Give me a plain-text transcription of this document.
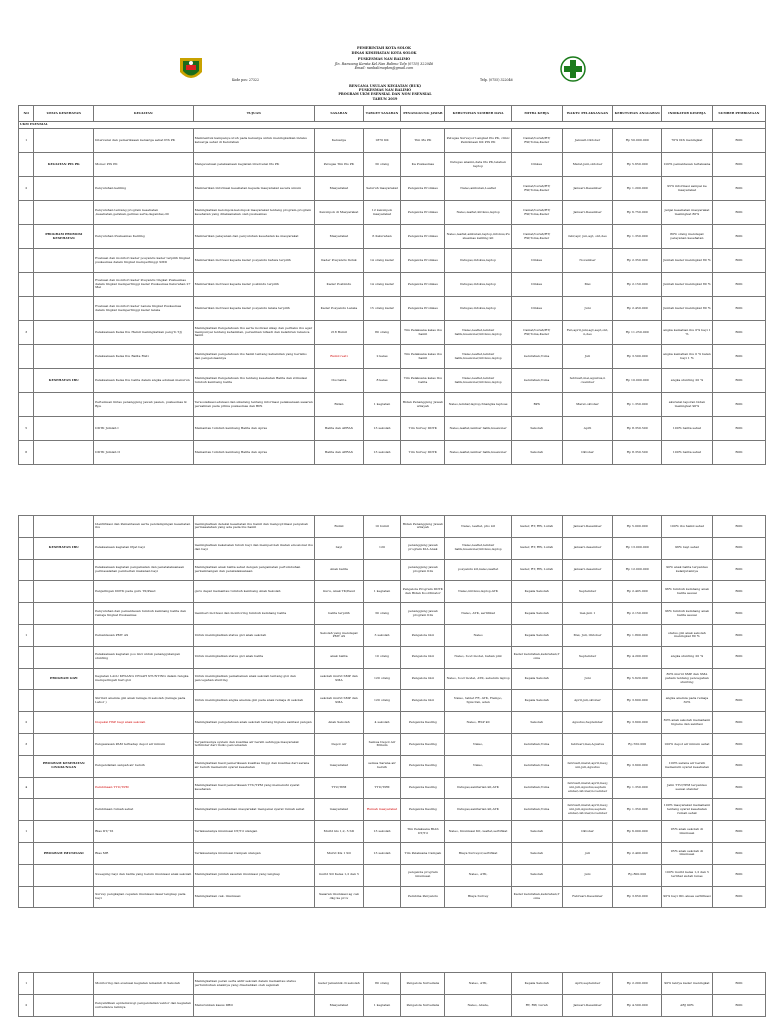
PEMERINTAH KOTA SOLOK
DINAS KESEHATAN KOTA SOLOK
PUSKESMAS NAN BALIMO
Jln. Ramoang Kerata Kel.Nan Balimo Telp (0755) 322046
Email: nanbalimopkm@gmail.com
Kode pos: 27322	Telp. (0755) 322046
RENCANA USULAN KEGIATAN (RUK)
PUSKESMAS NAN BALIMO
PROGRAM UKM ESENSIAL DAN NON ESENSIAL
TAHUN 2019
NO	UPAYA KESEHATAN	KEGIATAN	TUJUAN	SASARAN	TARGET SASARAN	PENANGGUNG JAWAB	KEBUTUHAN SUMBER DAYA	MITRA KERJA	WAKTU PELAKSANAAN	KEBUTUHAN ANGGARAN	INDIKATOR KINERJA	SUMBER PEMBIAYAAN
UKM ESENSIAL												
1		Intervensi dan pemeriksaan keluarga sehat PIS PK	Membentuk kampanye utuh pada keluarga untuk meningkatkan indeks keluarga sehat di Kelurahan	Keluarga	1870 KK	Tim Pis PK	Petugas Surveyor Langkat Pis PK, clinic Pembinaan KK PIS PK	Camat/Lurah/RT/ RW,Toma,Kader	Januari-Oktober	Rp 50.000.000	70% IKS meningkat	BOK
	KEGIATAN PIS PK	Monev PIS PK	Mengevaluasi pelaksanaan kegiatan intervensi Pis PK	Petugas Tim Pis PK	30 orang	Ka Puskesmas	Petugas anamn,data Pis PK,telahen laptop	Dinkes	Maret,juni,oktober	Rp 5.650.000	100% pemantauan terlaksana	BOK
2		Penyuluhan keliling	Memberikan informasi kesehatan kepada masyarakat secara umum	Masyarakat	Seluruh masyarakat	Pengelola Promkes	Naleo,ambulan,Leaflet	Camat/Lurah/RT/ RW,Toma,Kader	Januari-Desember	Rp 1.200.000	95% informasi sampai ke masyarakat	BOK
		Penyuluhan tentang program kesehatan ,kesehatan,gerakan,germas serta,degandas,dll	Meningkatkan kelompok-kelompok masyarakat tentang program-program kesehatan yang dilaksanakan oleh puskesmas	Kelompok di Masyarakat	12 kelompok masyarakat	Pengelola Promkes	Naleo,leaflet,infokus,laptop	Camat/Lurah/RT/ RW,Toma,Kader	Januari-Desember	Rp 6.750.000	Jenjai kesehatan masyarakat meningkat 80%	BOK
	PROGRAM PROMOSI KESEHATAN	Penyuluhan Puskesmas Keliling	Memberikan pelayanan dan penyuluhan kesehatan ke masyarakat	Masyarakat	6 Kelurahan	Pengelola Promkes	Naleo,leaflet,ambulan,laptop,infokus,Puskesmas keliling kit	Camat/Lurah/RT/ RW,Toma,Kader	febr,apr, jun,agt, okt,des	Rp 1.350.000	80% orang mendapat pelayanan kesehatan	BOK
		Evaluasi dan monitori kader posyandu kader terpilih tingkat puskesmas dalam tingkat mempertinggi SMD	Memberikan motivasi kepada kader posyandu bahwa terpilih	Kader Posyandu Induk	14 orang kader	Pengelola Promkes	Petugas,infokus,laptop	Dinkes	November	Rp 2.350.000	Jumlah kader meningkat 80 %	BOK
		Evaluasi dan monitori kader Posyandu tingkat Puskesmas dalam tingkat mempertinggi kader Puskesmas Kelurahan 27 Mei	Memberikan motivasi kepada kader posbindu terpilih	Kader Posbindu	14 orang kader	Pengelola Promkes	Petugas,infokus,laptop	Dinkes	Mei	Rp 2.150.000	Jumlah kader meningkat 80 %	BOK
		Evaluasi dan monitori kader Lansia tingkat Puskesmas dalam tingkat mempertinggi kader lansia	Memberikan motivasi kepada kader posyandu lansia terpilih	Kader Posyandu Lansia	15 orang kader	Pengelola Promkes	Petugas,infokus,laptop	Dinkes	Juni	Rp 2.450.000	Jumlah kader meningkat 80 %	BOK
3		Pelaksanaan Kelas Ibu Hamil meningkatkan peng'U.T.J)	Meningkatkan Pengetahuan Ibu serta motivasi sikap dan perilaku ibu agar mempunyai tentang kehamilan, persalinan nifasdi dan kelahiran rekanca hamil	218 Bumil	80 orang	Tim Pelaksana kelas ibu hamil	Naleo,leaflet,lembar balik,kuesioner,infokus,laptop	Camat/Lurah/RT/ RW,Toma,Kader	Feb,april,juni,agt,sept,okt, n,des	Rp 11.250.000	angka kematian ibu 0% bayi 1 %	BOK
		Pelaksanaan Kelas Ibu Balita Risti	Meningkatkan pengetahuan ibu hamil tentang kehamilan yang berisiko dan pengelolaannya	Bumil resti	2 kelas	Tim Pelaksana kelas ibu hamil	Naleo,leaflet,lembar balik,kuesioner,infokus,laptop	kelurahan,Toma	Juli	Rp 3.500.000	angka kematian ibu 0 % balan bayi 1 %	BOK
	KESEHATAN IBU	Pelaksanaan Kelas Ibu balita dalam angka edukasi menurun	Meningkatkan Pengetahuan Ibu tentang kesehatan Balita dan stimulasi tumbuh kembang balita	Ibu balita	8 kelas	Tim Pelaksana kelas Ibu balita	Naleo,leaflet,lembar balik,kuesioner,infokus,laptop	kelurahan,Toma	februari,mei,agustus,n ovember	Rp 10.000.000	angka stunting 20 %	BOK
		Pertemuan lintas penanggung jawab pasien, puskesmas & Bpu	Tersosialisasi edukasi dan sikarang tentang informasi pelaksanaan sasaran persalinan pada prima puskesmas dan BPS	Bidan	1 kegiatan	Bidan Penanggung Jawab wilayah	Naleo,lembar,laptop,Snangka laptoas	BPS	Maret-oktober	Rp 1.350.000	akuransi laporan bidan meningkat 90%	BOK
5		DDTK Jumlah I	Memantau tumbuh kembang Balita dan Apras	Balita dan APRAS	13 sekolah	Tim Survey DDTK	Naleo,leaflet,lembar balik,kuesioner	Sekolah	April	Rp 8.350.500	100% balita sehat	BOK
6		DDTK Jumlah II	Memantau tumbuh kembang Balita dan Apras	Balita dan APRAS	13 sekolah	Tim Survey DDTK	Naleo,leaflet,lembar balik,kuesioner	Sekolah	Oktober	Rp 8.350.500	100% balita sehat	BOK
		Identifikasi dan Pemantauan serta pendampingan kesehatan ibu	meningkatkan deteksi kesehatan ibu hamil dan mengoptimasi penyebab permasalahan yang ada pada ibu hamil	Bumil	10 bumil	Bidan Penanggung Jawab wilayah	Naleo, leaflet, pho kit	kader, RT, RW, Lurah	Januari-Desember	Rp 5.000.000	100% ibu hamil sehat	BOK
	KESEHATAN IBU	Pelaksanaan kegiatan Pijat bayi	meningkatkan kekebalan tubuh bayi dan memperoleh ikatan emosional ibu dan bayi	bayi	120	penanggung jawab program KIA Anak	Naleo,leaflet,lembar balik,kuesioner,infokus,laptop	kader, RT, RW, Lurah	januari-desember	Rp 13.000.000	96% bayi sehat	BOK
		Pelaksanaan kegiatan pengamatan dan penatalaksanaan permasalahan pemberian makanan bayi	Meningkatkan anak balita sehat dengan pengamatan pertumbuhan perkembangan dan penatalaksanaan	Anak balita		penanggung jawab program KIA	posyandu kit,naleo,leaflet	kader, RT, RW, Lurah	januari-desember	Rp 12.000.000	90% anak balita terpantau kelanjutannya	BOK
		Penjaringan DDTK pada guru TK/Paud	guru dapat memantau tumbuh kembang Anak Sekolah	Guru, Anak TK/Paud	1 kegiatan	Pengelola Program DDTK dan Bidan Koordinator	Naleo,infokus,laptop,ATK	Kepala Sekolah	September	Rp 2.405.000	96% tumbuh kembang anak balita sesuai	BOK
		Penyuluhan dan pemantauan tumbuh kembang balita dan remaja tingkat Puskesmas	memberi motivasi dan monitoring tumbuh kembang balita	balita terpilih	30 orang	penanggung jawab program KIA	Naleo, ATK, sertifikat	Kepala Sekolah	mei-juni 1	Rp 2.150.000	96% tumbuh kembang anak balita sesuai	BOK
1		Pemantauan PMT AS	Untuk meningkatkan status gizi anak sekolah	Sekolah yang mendapat PMT AS	3 sekolah	Pengelola Gizi	Naleo	Kepala Sekolah	Mei, Juli, Oktober	Rp 1.800.000	status gizi anak sekolah meningkat 80 %	BOK
		Pelaksanaan kegiatan pos Gizi untuk penanggulangan stunting	Untuk meningkatkan status gizi anak balita	anak balita	10 orang	Pengelola Gizi	Naleo, food model, bahan pmt	Kader kelurahan,kelurahan,T oma	September	Rp 4.200.000	angka stunting 20 %	BOK
	PROGRAM GIZI	Kegiatan LALU KESANG CEGAH STUNTING dalam rangka memperingati hari gizi	Untuk meningkatkan pemahaman anak sekolah tentang gizi dan pencegahan stunting	sekolah murid SMP dan SMA	120 orang	Pengelola Gizi	Naleo, food model, ATK, sebelum laptop	Kepala Sekolah	Juni	Rp 5.620.000	80% murid SMP dan SMA paham tentang pencegahan stunting	
		Skrinici anemia gizi anak remaja di sekolah (remaja pada Lahor )	Untuk meningkatkan angka anemia gizi pada anak remaja di sekolah	sekolah murid SMP dan SMA	120 orang	Pengelola Gizi	Naleo, tablet FE, ATK, Hempo, Spiscran, aden	Kepala Sekolah	April,juli,oktober	Rp 3.600.000	angka anemia pada remaja 30%	BOK
2		Inspeksi HSP bagi anak sekolah	Meningkatkan pengetahuan anak sekolah tentang higiene sanitasi pangan	Anak Sekolah	4 sekolah	Pengelola Kesling	Naleo, HSP kit	Sekolah	Agustus,September	Rp 3.600.000	80% anak sekolah memahami higiene dan sanitasi	BOK
3		Pengawasan PAM terhadap depot air minum	Terpantaunya system dan kualitas air bersih sehingga masyarakat terhindar dari risiko pencemaran	Depot Air	Semua Depot Air Minum	Pengelola Kesling	Naleo,	kelurahan,Toma	februari,mei,Agustus	Rp 550.000	100% depot air minum sehat	BOK
	PROGRAM KESEHATAN LINGKUNGAN	Pengendalian sanpah air bersih	Meningkatkan hasil pemeriksaan kualitas tinggi dan kualitas dari sarana air bersih memenuhi syarat kesehatan	masyarakat	semua Sarana air bersih	Pengelola Kesling	Naleo,	kelurahan,Toma	februari,maret,april,mei,j uni,juli,Agustus	Rp 3.600.000	100% sarana air bersih memenuhi syarat kesehatan	BOK
4		Pembinaan TTU/TPM	Meningkatkan hasil pemeriksaan TTU/TPM yang memenuhi syarat kesehatan	TTU/TPM	TTU/TPM	Pengelola Kesling	Petugas,sanitarian kit,ATK	kelurahan,Toma	februari,maret,april,mei,j uni,juli,Agustus,septem ember,oktober,november	Rp 1.350.000	Jalin TTU/TPM terpantau sesuai standar	BOK
		Pembinaan rumah sehat	Meningkatkan pemahaman masyarakat mengenai syarat rumah sehat	masyarakat	Rumah masyarakat	Pengelola Kesling	Petugas,sanitarian kit,ATK	kelurahan,Toma	februari,maret,april,mei,j uni,juli,Agustus,septem ember,oktober,november	Rp 1.350.000	100% masyarakat memahami tentang syarat kesehatan rumah sehat	BOK
1		Bias DT/ Td	Terlaksananya imunisasi DT/Td ulangan	Murid kls 1,2, 5 SD	13 sekolah	Tim Pelaksana BIAS DT/Td	Naleo, Imunisasi Kit, leaflet,sertifikat	Sekolah	Oktober	Rp 6.000.000	95% anak sekolah di imunisasi	BOK
	PROGRAM IMUNISASI	Bias MR	Terlaksananya imunisasi Campak ulangan	Murid Kls 1 SD	13 sekolah	Tim Pelaksana Campak	Biaya Surveyor,sertifikat	Sekolah	juli	Rp 2.400.000	95% anak sekolah di imunisasi	BOK
		Sweeping bayi dan balita yang belum imunisasi anak sekolah	Meningkatkan jumlah sasaran imunisasi yang lengkap	murid SD Kelas 1,2 dan 5		pengelola program imunisasi	Naleo, ATK,	Sekolah	juni	Rp 800.000	100% murid kelas 1,2 dan 5 terlihat sudah lunas	BOK
		Survey pengkajian cepatan imunisasi dasar lengkap pada bayi	Meningkatkan cak. imunisasi	Sasaran imunisasi ag cak dkg ke prov		Pembina Penyandu	Biaya Survey	Kader kelurahan,kelurahan,T oma	Februari-Desember	Rp 3.650.000	90% bayi IDL akses sertifikasi	BOK
1		Monitoring dan evaluasi kegiatan lemamdi di Sekolah	Meningkatkan peran serta aktif sekolah dalam memantau status pertumbuhan anaknya yang disebabkan oleh sejumah	kader jamannik di sekolah	80 orang	Pengelola Surveilans	Naleo, ATK,	Kepala Sekolah	April,september	Rp 2.200.000	90% lanrya kader meningkat	BOK
2		Penyelidikan epidemiologi pengendalian vektor dan kegiatan surveilance lainnya	Menurunkan kasus DBD	Masyarakat	1 kegiatan	Pengelola Surveilans	Naleo, Abate,	RT, RW, Lurah	Januari-Desember	Rp 4.500.000	ABJ 90%	BOK
